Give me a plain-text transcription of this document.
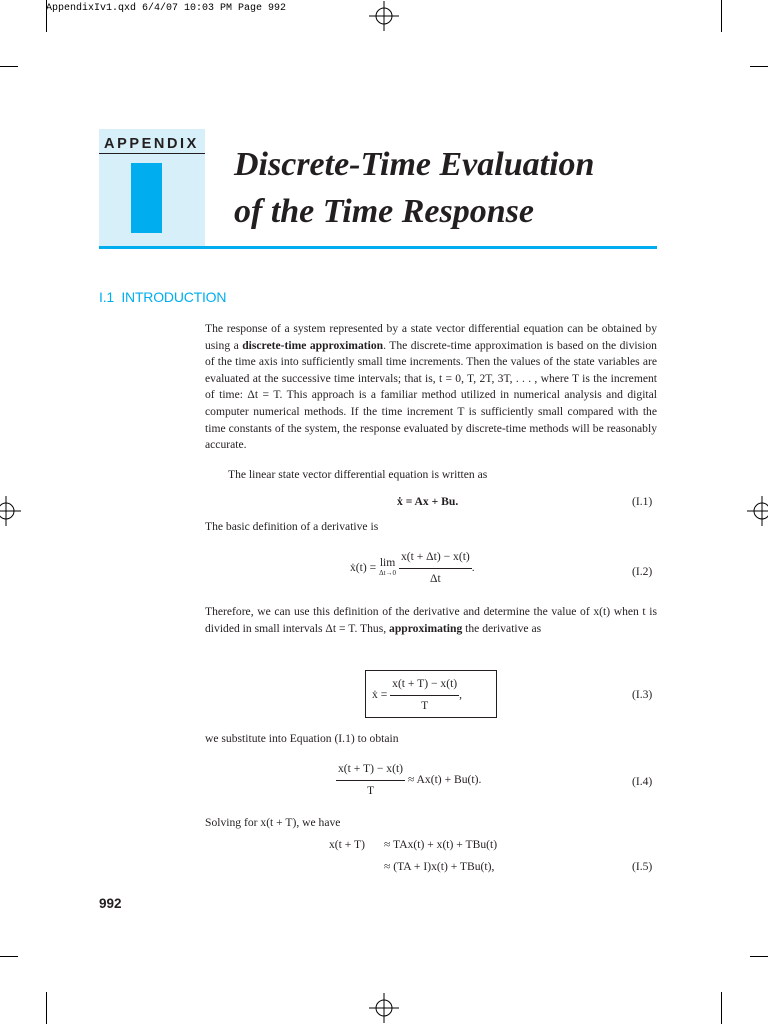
AppendixIv1.qxd 6/4/07 10:03 PM Page 992
APPENDIX
Discrete-Time Evaluation
of the Time Response
I.1 INTRODUCTION
The response of a system represented by a state vector differential equation can be obtained by using a discrete-time approximation. The discrete-time approximation is based on the division of the time axis into sufficiently small time increments. Then the values of the state variables are evaluated at the successive time intervals; that is, t = 0, T, 2T, 3T, . . . , where T is the increment of time: Δt = T. This approach is a familiar method utilized in numerical analysis and digital computer numerical methods. If the time increment T is sufficiently small compared with the time constants of the system, the response evaluated by discrete-time methods will be reasonably accurate.
The linear state vector differential equation is written as
ẋ = Ax + Bu.	(I.1)
The basic definition of a derivative is
ẋ(t) = lim
Δt→0
$\frac{x(t + \Delta t) - x(t)}{\Delta t}$ .	(I.2)
Therefore, we can use this definition of the derivative and determine the value of x(t) when t is divided in small intervals Δt = T. Thus, approximating the derivative as
ẋ = $\frac{x(t + T) - x(t)}{T}$ ,	(I.3)
we substitute into Equation (I.1) to obtain
$\frac{x(t + T) - x(t)}{T} \approx Ax(t) + Bu(t)$.	(I.4)
Solving for x(t + T), we have
x(t + T) ≈ TAx(t) + x(t) + TBu(t)
≈ (TA + I)x(t) + TBu(t),	(I.5)
992
